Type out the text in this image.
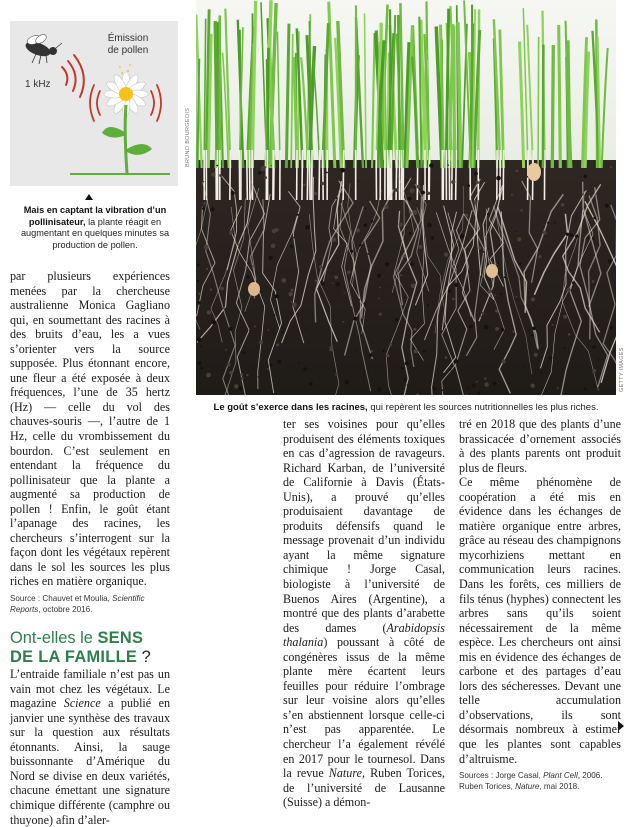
1 kHz
Émission
de pollen
BRUNO BOURGEOIS
Mais en captant la vibration d’un pollinisateur, la plante réagit en augmentant en quelques minutes sa production de pollen.
GETTY IMAGES
Le goût s’exerce dans les racines, qui repèrent les sources nutritionnelles les plus riches.

par plusieurs expériences menées par la chercheuse australienne Monica Gagliano qui, en soumettant des racines à des bruits d’eau, les a vues s’orienter vers la source supposée. Plus étonnant encore, une fleur a été exposée à deux fréquences, l’une de 35 hertz (Hz) — celle du vol des chauves-souris —, l’autre de 1 Hz, celle du vrombissement du bourdon. C’est seulement en entendant la fréquence du pollinisateur que la plante a augmenté sa production de pollen ! Enfin, le goût étant l’apanage des racines, les chercheurs s’interrogent sur la façon dont les végétaux repèrent dans le sol les sources les plus riches en matière organique.

Source : Chauvet et Moulia, Scientific Reports, octobre 2016.

Ont-elles le SENS DE LA FAMILLE ?

L’entraide familiale n’est pas un vain mot chez les végétaux. Le magazine Science a publié en janvier une synthèse des travaux sur la question aux résultats étonnants. Ainsi, la sauge buissonnante d’Amérique du Nord se divise en deux variétés, chacune émettant une signature chimique différente (camphre ou thuyone) afin d’aler-

ter ses voisines pour qu’elles produisent des éléments toxiques en cas d’agression de ravageurs. Richard Karban, de l’université de Californie à Davis (États-Unis), a prouvé qu’elles produisaient davantage de produits défensifs quand le message provenait d’un individu ayant la même signature chimique ! Jorge Casal, biologiste à l’université de Buenos Aires (Argentine), a montré que des plants d’arabette des dames (Arabidopsis thalania) poussant à côté de congénères issus de la même plante mère écartent leurs feuilles pour réduire l’ombrage sur leur voisine alors qu’elles s’en abstiennent lorsque celle-ci n’est pas apparentée. Le chercheur l’a également révélé en 2017 pour le tournesol. Dans la revue Nature, Ruben Torices, de l’université de Lausanne (Suisse) a démon-

tré en 2018 que des plants d’une brassicacée d’ornement associés à des plants parents ont produit plus de fleurs.

Ce même phénomène de coopération a été mis en évidence dans les échanges de matière organique entre arbres, grâce au réseau des champignons mycorhiziens mettant en communication leurs racines. Dans les forêts, ces milliers de fils ténus (hyphes) connectent les arbres sans qu’ils soient nécessairement de la même espèce. Les chercheurs ont ainsi mis en évidence des échanges de carbone et des partages d’eau lors des sécheresses. Devant une telle accumulation d’observations, ils sont désormais nombreux à estimer que les plantes sont capables d’altruisme.

Sources : Jorge Casal, Plant Cell, 2006. Ruben Torices, Nature, mai 2018.
